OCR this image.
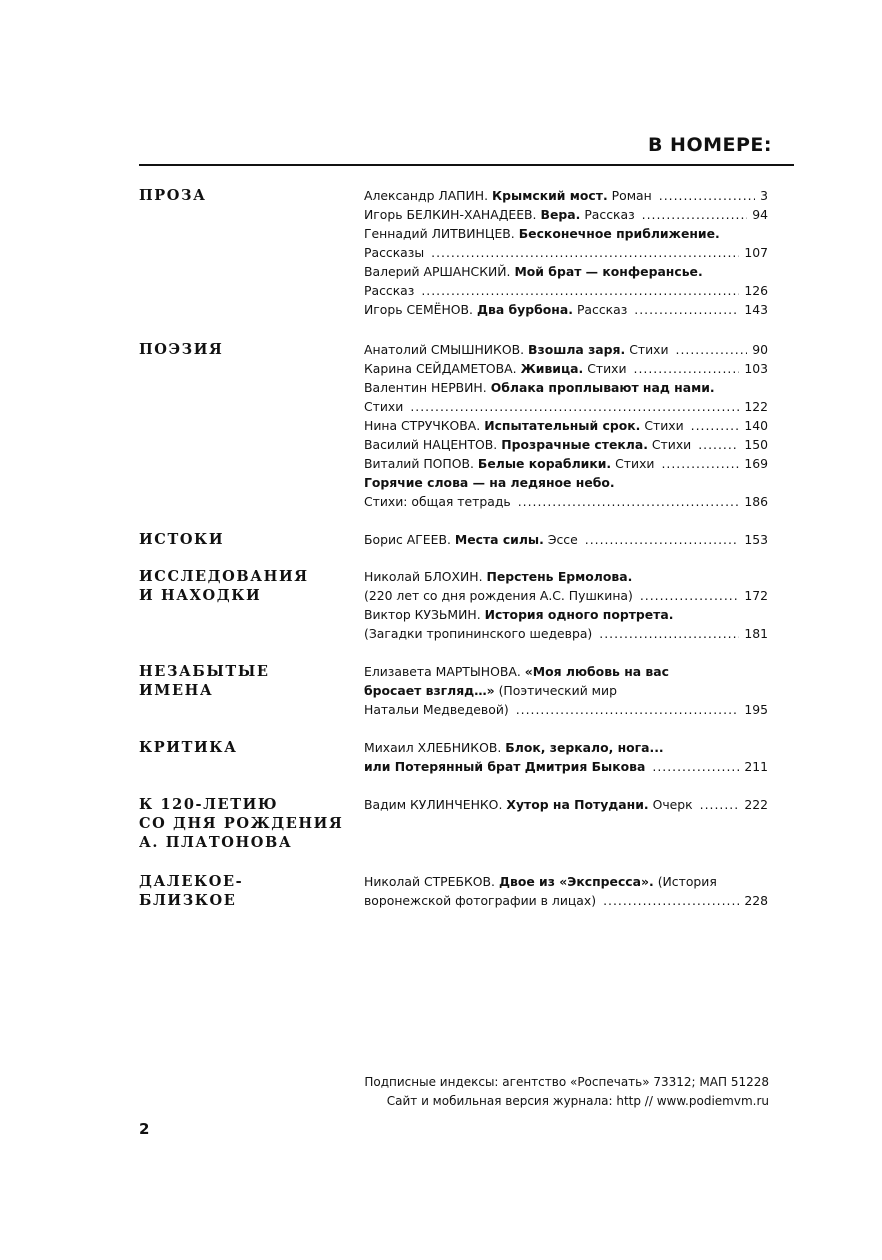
В НОМЕРЕ:
ПРОЗА	Александр ЛАПИН. Крымский мост. Роман .....	3
Игорь БЕЛКИН-ХАНАДЕЕВ. Вера. Рассказ .....	94
Геннадий ЛИТВИНЦЕВ. Бесконечное приближение.
Рассказы .....	107
Валерий АРШАНСКИЙ. Мой брат — конферансье.
Рассказ .....	126
Игорь СЕМЁНОВ. Два бурбона. Рассказ .....	143
ПОЭЗИЯ	Анатолий СМЫШНИКОВ. Взошла заря. Стихи .....	90
Карина СЕЙДАМЕТОВА. Живица. Стихи .....	103
Валентин НЕРВИН. Облака проплывают над нами.
Стихи .....	122
Нина СТРУЧКОВА. Испытательный срок. Стихи .....	140
Василий НАЦЕНТОВ. Прозрачные стекла. Стихи .....	150
Виталий ПОПОВ. Белые кораблики. Стихи .....	169
Горячие слова — на ледяное небо.
Стихи: общая тетрадь .....	186
ИСТОКИ	Борис АГЕЕВ. Места силы. Эссе .....	153
ИССЛЕДОВАНИЯ
И НАХОДКИ
Николай БЛОХИН. Перстень Ермолова.
(220 лет со дня рождения А.С. Пушкина) .....	172
Виктор КУЗЬМИН. История одного портрета.
(Загадки тропининского шедевра) .....	181
НЕЗАБЫТЫЕ
ИМЕНА
Елизавета МАРТЫНОВА. «Моя любовь на вас
бросает взгляд…» (Поэтический мир
Натальи Медведевой) .....	195
КРИТИКА	Михаил ХЛЕБНИКОВ. Блок, зеркало, нога...
или Потерянный брат Дмитрия Быкова .....	211
К 120-ЛЕТИЮ
СО ДНЯ РОЖДЕНИЯ
А. ПЛАТОНОВА
Вадим КУЛИНЧЕНКО. Хутор на Потудани. Очерк .....	222
ДАЛЕКОЕ-
БЛИЗКОЕ
Николай СТРЕБКОВ. Двое из «Экспресса». (История
воронежской фотографии в лицах) .....	228
Подписные индексы: агентство «Роспечать» 73312; МАП 51228
Сайт и мобильная версия журнала: http // www.podiemvm.ru
2
